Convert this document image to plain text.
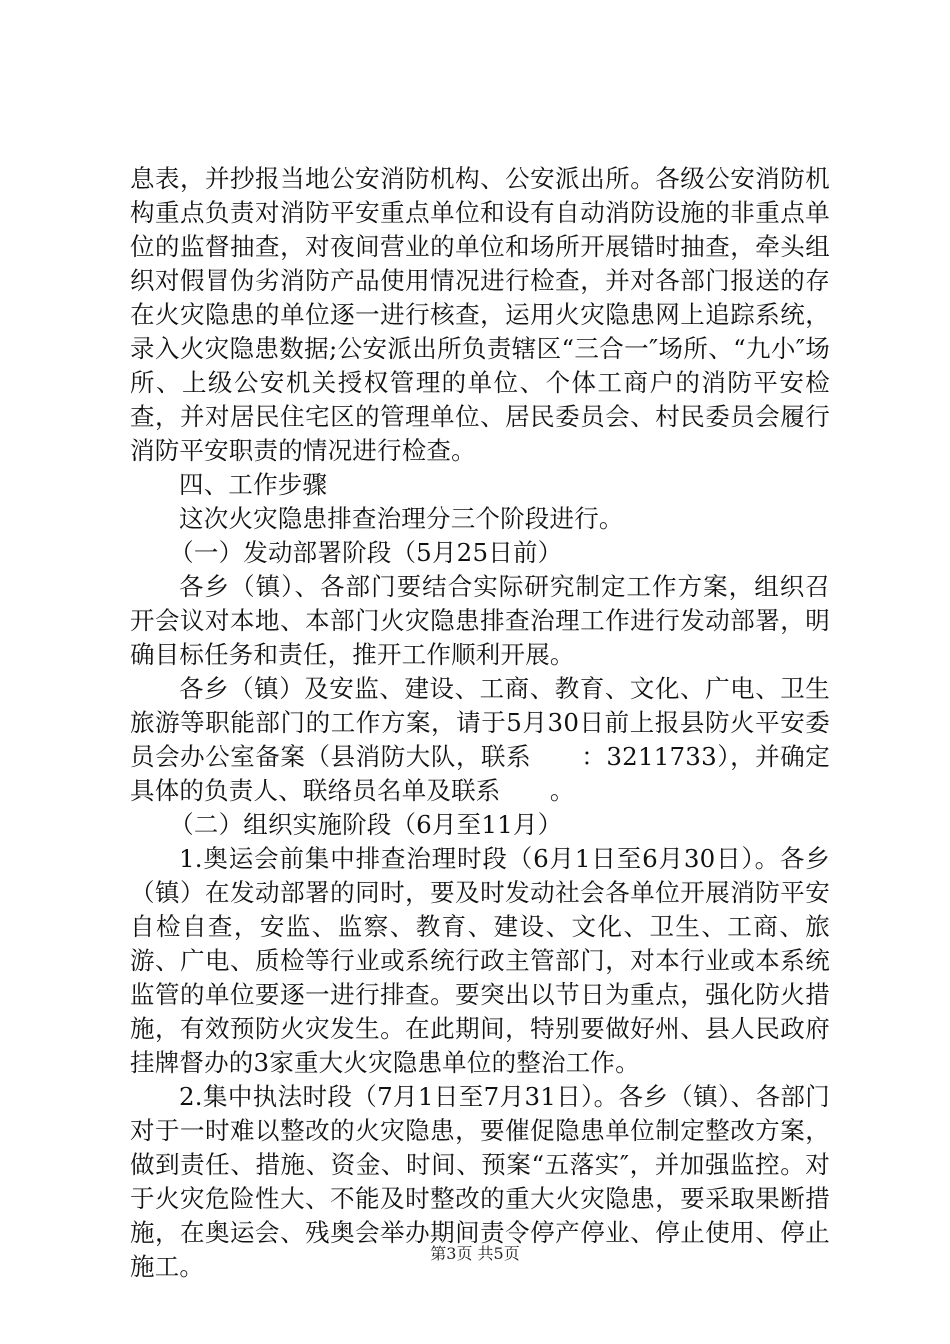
息表，并抄报当地公安消防机构、公安派出所。各级公安消防机构重点负责对消防平安重点单位和设有自动消防设施的非重点单位的监督抽查，对夜间营业的单位和场所开展错时抽查，牵头组织对假冒伪劣消防产品使用情况进行检查，并对各部门报送的存在火灾隐患的单位逐一进行核查，运用火灾隐患网上追踪系统，录入火灾隐患数据;公安派出所负责辖区“三合一″场所、“九小″场所、上级公安机关授权管理的单位、个体工商户的消防平安检查，并对居民住宅区的管理单位、居民委员会、村民委员会履行消防平安职责的情况进行检查。

四、工作步骤

这次火灾隐患排查治理分三个阶段进行。

（一）发动部署阶段（5月25日前）

各乡（镇）、各部门要结合实际研究制定工作方案，组织召开会议对本地、本部门火灾隐患排查治理工作进行发动部署，明确目标任务和责任，推开工作顺利开展。

各乡（镇）及安监、建设、工商、教育、文化、广电、卫生旅游等职能部门的工作方案，请于5月30日前上报县防火平安委员会办公室备案（县消防大队，联系　　：3211733），并确定具体的负责人、联络员名单及联系　　。

（二）组织实施阶段（6月至11月）

1.奥运会前集中排查治理时段（6月1日至6月30日）。各乡（镇）在发动部署的同时，要及时发动社会各单位开展消防平安自检自查，安监、监察、教育、建设、文化、卫生、工商、旅游、广电、质检等行业或系统行政主管部门，对本行业或本系统监管的单位要逐一进行排查。要突出以节日为重点，强化防火措施，有效预防火灾发生。在此期间，特别要做好州、县人民政府挂牌督办的3家重大火灾隐患单位的整治工作。

2.集中执法时段（7月1日至7月31日）。各乡（镇）、各部门对于一时难以整改的火灾隐患，要催促隐患单位制定整改方案，做到责任、措施、资金、时间、预案“五落实″，并加强监控。对于火灾危险性大、不能及时整改的重大火灾隐患，要采取果断措施，在奥运会、残奥会举办期间责令停产停业、停止使用、停止施工。	第3页 共5页
